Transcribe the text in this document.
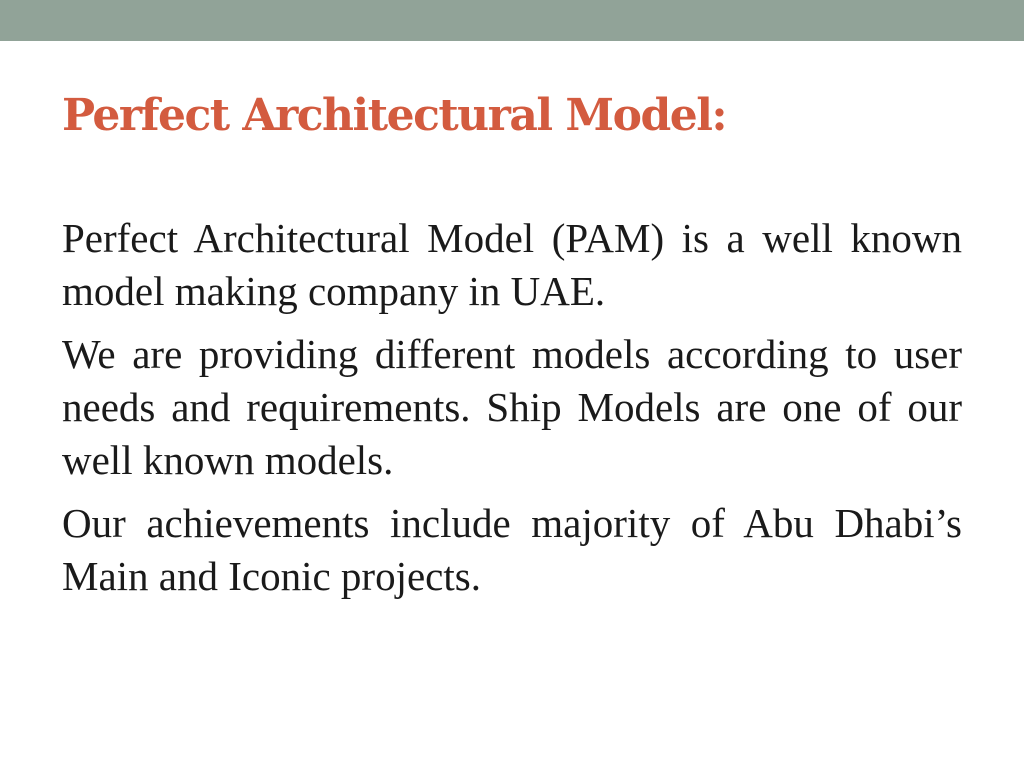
Perfect Architectural Model:

Perfect Architectural Model (PAM) is a well known model making company in UAE.

We are providing different models according to user needs and requirements. Ship Models are one of our well known models.

Our achievements include majority of Abu Dhabi’s Main and Iconic projects.
